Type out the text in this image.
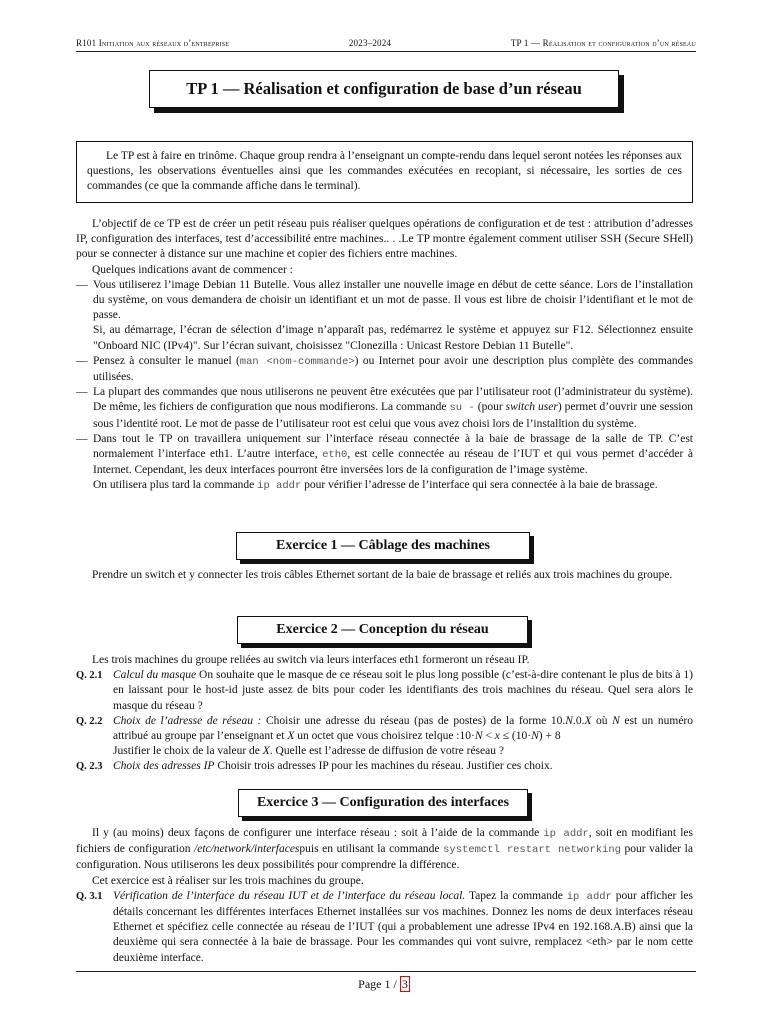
R101 Initiation aux réseaux d’entreprise	2023–2024	TP 1 — Réalisation et configuration d’un réseau
TP 1 — Réalisation et configuration de base d’un réseau

Le TP est à faire en trinôme. Chaque group rendra à l’enseignant un compte-rendu dans lequel seront notées les réponses aux questions, les observations éventuelles ainsi que les commandes exécutées en recopiant, si nécessaire, les sorties de ces commandes (ce que la commande affiche dans le terminal).

L’objectif de ce TP est de créer un petit réseau puis réaliser quelques opérations de configuration et de test : attribution d’adresses IP, configuration des interfaces, test d’accessibilité entre machines.. . .Le TP montre également comment utiliser SSH (Secure SHell) pour se connecter à distance sur une machine et copier des fichiers entre machines.

Quelques indications avant de commencer :

— Vous utiliserez l’image Debian 11 Butelle. Vous allez installer une nouvelle image en début de cette séance. Lors de l’installation du système, on vous demandera de choisir un identifiant et un mot de passe. Il vous est libre de choisir l’identifiant et le mot de passe.

Si, au démarrage, l’écran de sélection d’image n’apparaît pas, redémarrez le système et appuyez sur F12. Sélectionnez ensuite "Onboard NIC (IPv4)". Sur l’écran suivant, choisissez "Clonezilla : Unicast Restore Debian 11 Butelle".

— Pensez à consulter le manuel (man <nom-commande>) ou Internet pour avoir une description plus complète des commandes utilisées.

— La plupart des commandes que nous utiliserons ne peuvent être exécutées que par l’utilisateur root (l’administrateur du système). De même, les fichiers de configuration que nous modifierons. La commande su - (pour switch user) permet d’ouvrir une session sous l’identité root. Le mot de passe de l’utilisateur root est celui que vous avez choisi lors de l’installtion du système.

— Dans tout le TP on travaillera uniquement sur l’interface réseau connectée à la baie de brassage de la salle de TP. C’est normalement l’interface eth1. L’autre interface, eth0, est celle connectée au réseau de l’IUT et qui vous permet d’accéder à Internet. Cependant, les deux interfaces pourront être inversées lors de la configuration de l’image système.

On utilisera plus tard la commande ip addr pour vérifier l’adresse de l’interface qui sera connectée à la baie de brassage.

Exercice 1 — Câblage des machines

Prendre un switch et y connecter les trois câbles Ethernet sortant de la baie de brassage et reliés aux trois machines du groupe.

Exercice 2 — Conception du réseau

Les trois machines du groupe reliées au switch via leurs interfaces eth1 formeront un réseau IP.

Q. 2.1 Calcul du masque On souhaite que le masque de ce réseau soit le plus long possible (c’est-à-dire contenant le plus de bits à 1) en laissant pour le host-id juste assez de bits pour coder les identifiants des trois machines du réseau. Quel sera alors le masque du réseau ?

Q. 2.2 Choix de l’adresse de réseau : Choisir une adresse du réseau (pas de postes) de la forme 10.N.0.X où N est un numéro attribué au groupe par l’enseignant et X un octet que vous choisirez telque :10·N < x ≤ (10·N) + 8

Justifier le choix de la valeur de X. Quelle est l’adresse de diffusion de votre réseau ?

Q. 2.3 Choix des adresses IP Choisir trois adresses IP pour les machines du réseau. Justifier ces choix.

Exercice 3 — Configuration des interfaces

Il y (au moins) deux façons de configurer une interface réseau : soit à l’aide de la commande ip addr, soit en modifiant les fichiers de configuration /etc/network/interfacespuis en utilisant la commande systemctl restart networking pour valider la configuration. Nous utiliserons les deux possibilités pour comprendre la différence.

Cet exercice est à réaliser sur les trois machines du groupe.

Q. 3.1 Vérification de l’interface du réseau IUT et de l’interface du réseau local. Tapez la commande ip addr pour afficher les détails concernant les différentes interfaces Ethernet installées sur vos machines. Donnez les noms de deux interfaces réseau Ethernet et spécifiez celle connectée au réseau de l’IUT (qui a probablement une adresse IPv4 en 192.168.A.B) ainsi que la deuxième qui sera connectée à la baie de brassage. Pour les commandes qui vont suivre, remplacez <eth> par le nom cette deuxième interface.

Page 1 / 3
